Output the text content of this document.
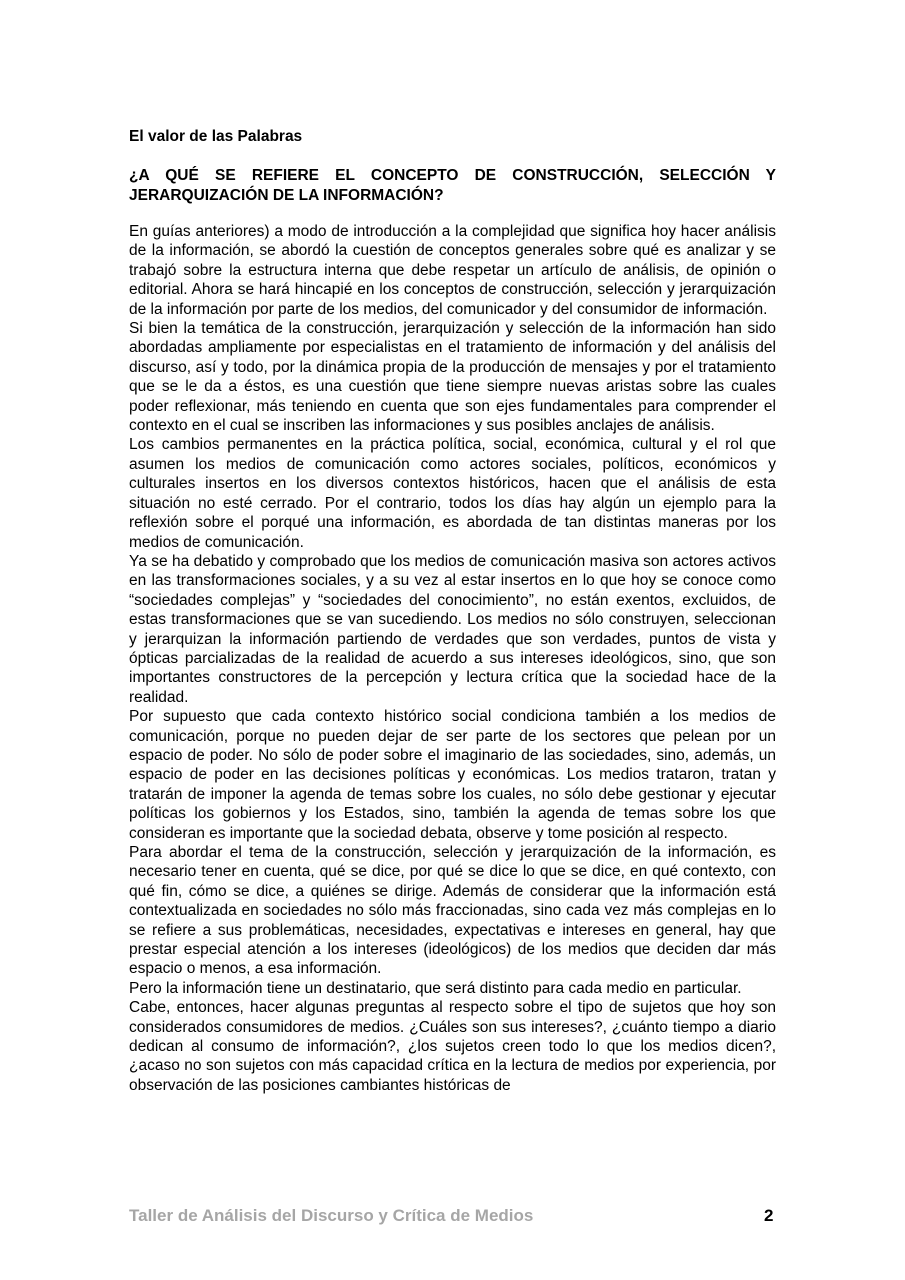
El valor de las Palabras
¿A QUÉ SE REFIERE EL CONCEPTO DE CONSTRUCCIÓN, SELECCIÓN Y JERARQUIZACIÓN DE LA INFORMACIÓN?

En guías anteriores) a modo de introducción a la complejidad que significa hoy hacer análisis de la información, se abordó la cuestión de conceptos generales sobre qué es analizar y se trabajó sobre la estructura interna que debe respetar un artículo de análisis, de opinión o editorial. Ahora se hará hincapié en los conceptos de construcción, selección y jerarquización de la información por parte de los medios, del comunicador y del consumidor de información.

Si bien la temática de la construcción, jerarquización y selección de la información han sido abordadas ampliamente por especialistas en el tratamiento de información y del análisis del discurso, así y todo, por la dinámica propia de la producción de mensajes y por el tratamiento que se le da a éstos, es una cuestión que tiene siempre nuevas aristas sobre las cuales poder reflexionar, más teniendo en cuenta que son ejes fundamentales para comprender el contexto en el cual se inscriben las informaciones y sus posibles anclajes de análisis.

Los cambios permanentes en la práctica política, social, económica, cultural y el rol que asumen los medios de comunicación como actores sociales, políticos, económicos y culturales insertos en los diversos contextos históricos, hacen que el análisis de esta situación no esté cerrado. Por el contrario, todos los días hay algún un ejemplo para la reflexión sobre el porqué una información, es abordada de tan distintas maneras por los medios de comunicación.

Ya se ha debatido y comprobado que los medios de comunicación masiva son actores activos en las transformaciones sociales, y a su vez al estar insertos en lo que hoy se conoce como “sociedades complejas” y “sociedades del conocimiento”, no están exentos, excluidos, de estas transformaciones que se van sucediendo. Los medios no sólo construyen, seleccionan y jerarquizan la información partiendo de verdades que son verdades, puntos de vista y ópticas parcializadas de la realidad de acuerdo a sus intereses ideológicos, sino, que son importantes constructores de la percepción y lectura crítica que la sociedad hace de la realidad.

Por supuesto que cada contexto histórico social condiciona también a los medios de comunicación, porque no pueden dejar de ser parte de los sectores que pelean por un espacio de poder. No sólo de poder sobre el imaginario de las sociedades, sino, además, un espacio de poder en las decisiones políticas y económicas. Los medios trataron, tratan y tratarán de imponer la agenda de temas sobre los cuales, no sólo debe gestionar y ejecutar políticas los gobiernos y los Estados, sino, también la agenda de temas sobre los que consideran es importante que la sociedad debata, observe y tome posición al respecto.

Para abordar el tema de la construcción, selección y jerarquización de la información, es necesario tener en cuenta, qué se dice, por qué se dice lo que se dice, en qué contexto, con qué fin, cómo se dice, a quiénes se dirige. Además de considerar que la información está contextualizada en sociedades no sólo más fraccionadas, sino cada vez más complejas en lo se refiere a sus problemáticas, necesidades, expectativas e intereses en general, hay que prestar especial atención a los intereses (ideológicos) de los medios que deciden dar más espacio o menos, a esa información.

Pero la información tiene un destinatario, que será distinto para cada medio en particular.

Cabe, entonces, hacer algunas preguntas al respecto sobre el tipo de sujetos que hoy son considerados consumidores de medios. ¿Cuáles son sus intereses?, ¿cuánto tiempo a diario dedican al consumo de información?, ¿los sujetos creen todo lo que los medios dicen?, ¿acaso no son sujetos con más capacidad crítica en la lectura de medios por experiencia, por observación de las posiciones cambiantes históricas de

Taller de Análisis del Discurso y Crítica de Medios	2
